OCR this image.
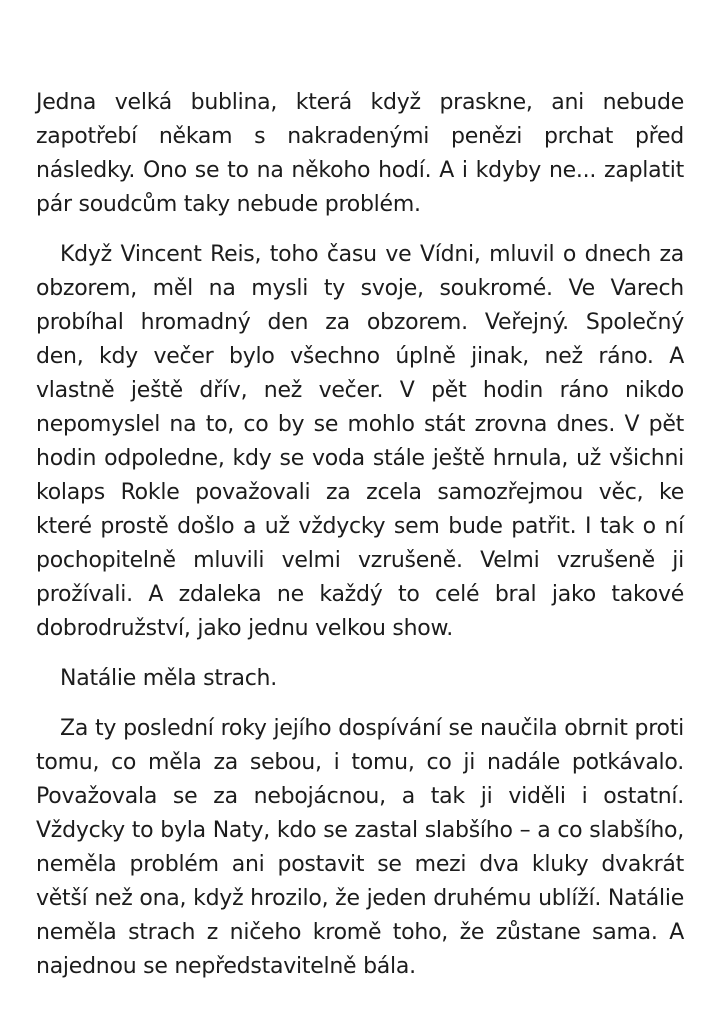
Jedna velká bublina, která když praskne, ani nebude
zapotřebí někam s nakradenými penězi prchat před
následky. Ono se to na někoho hodí. A i kdyby ne... zaplatit
pár soudcům taky nebude problém.
Když Vincent Reis, toho času ve Vídni, mluvil o dnech za
obzorem, měl na mysli ty svoje, soukromé. Ve Varech
probíhal hromadný den za obzorem. Veřejný. Společný
den, kdy večer bylo všechno úplně jinak, než ráno. A
vlastně ještě dřív, než večer. V pět hodin ráno nikdo
nepomyslel na to, co by se mohlo stát zrovna dnes. V pět
hodin odpoledne, kdy se voda stále ještě hrnula, už všichni
kolaps Rokle považovali za zcela samozřejmou věc, ke
které prostě došlo a už vždycky sem bude patřit. I tak o ní
pochopitelně mluvili velmi vzrušeně. Velmi vzrušeně ji
prožívali. A zdaleka ne každý to celé bral jako takové
dobrodružství, jako jednu velkou show.
Natálie měla strach.
Za ty poslední roky jejího dospívání se naučila obrnit proti
tomu, co měla za sebou, i tomu, co ji nadále potkávalo.
Považovala se za nebojácnou, a tak ji viděli i ostatní.
Vždycky to byla Naty, kdo se zastal slabšího – a co slabšího,
neměla problém ani postavit se mezi dva kluky dvakrát
větší než ona, když hrozilo, že jeden druhému ublíží. Natálie
neměla strach z ničeho kromě toho, že zůstane sama. A
najednou se nepředstavitelně bála.
